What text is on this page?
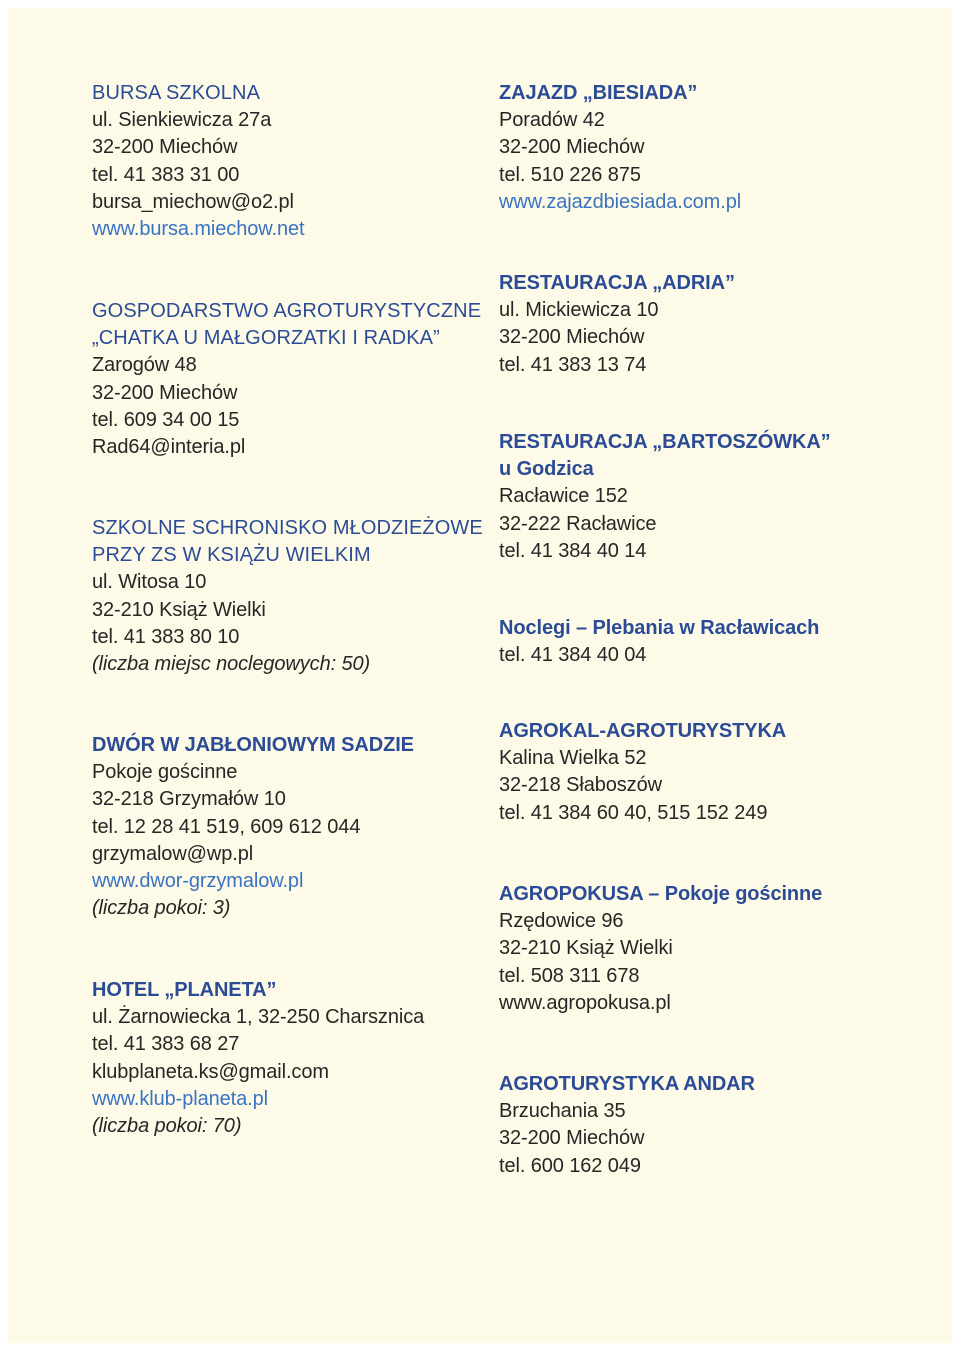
BURSA SZKOLNA
ul. Sienkiewicza 27a
32-200 Miechów
tel. 41 383 31 00
bursa_miechow@o2.pl
www.bursa.miechow.net
GOSPODARSTWO AGROTURYSTYCZNE
„CHATKA U MAŁGORZATKI I RADKA”
Zarogów 48
32-200 Miechów
tel. 609 34 00 15
Rad64@interia.pl
SZKOLNE SCHRONISKO MŁODZIEŻOWE
PRZY ZS W KSIĄŻU WIELKIM
ul. Witosa 10
32-210 Książ Wielki
tel. 41 383 80 10
(liczba miejsc noclegowych: 50)
DWÓR W JABŁONIOWYM SADZIE
Pokoje gościnne
32-218 Grzymałów 10
tel. 12 28 41 519, 609 612 044
grzymalow@wp.pl
www.dwor-grzymalow.pl
(liczba pokoi: 3)
HOTEL „PLANETA”
ul. Żarnowiecka 1, 32-250 Charsznica
tel. 41 383 68 27
klubplaneta.ks@gmail.com
www.klub-planeta.pl
(liczba pokoi: 70)
ZAJAZD „BIESIADA”
Poradów 42
32-200 Miechów
tel. 510 226 875
www.zajazdbiesiada.com.pl
RESTAURACJA „ADRIA”
ul. Mickiewicza 10
32-200 Miechów
tel. 41 383 13 74
RESTAURACJA „BARTOSZÓWKA”
u Godzica
Racławice 152
32-222 Racławice
tel. 41 384 40 14
Noclegi – Plebania w Racławicach
tel. 41 384 40 04
AGROKAL-AGROTURYSTYKA
Kalina Wielka 52
32-218 Słaboszów
tel. 41 384 60 40, 515 152 249
AGROPOKUSA – Pokoje gościnne
Rzędowice 96
32-210 Książ Wielki
tel. 508 311 678
www.agropokusa.pl
AGROTURYSTYKA ANDAR
Brzuchania 35
32-200 Miechów
tel. 600 162 049
